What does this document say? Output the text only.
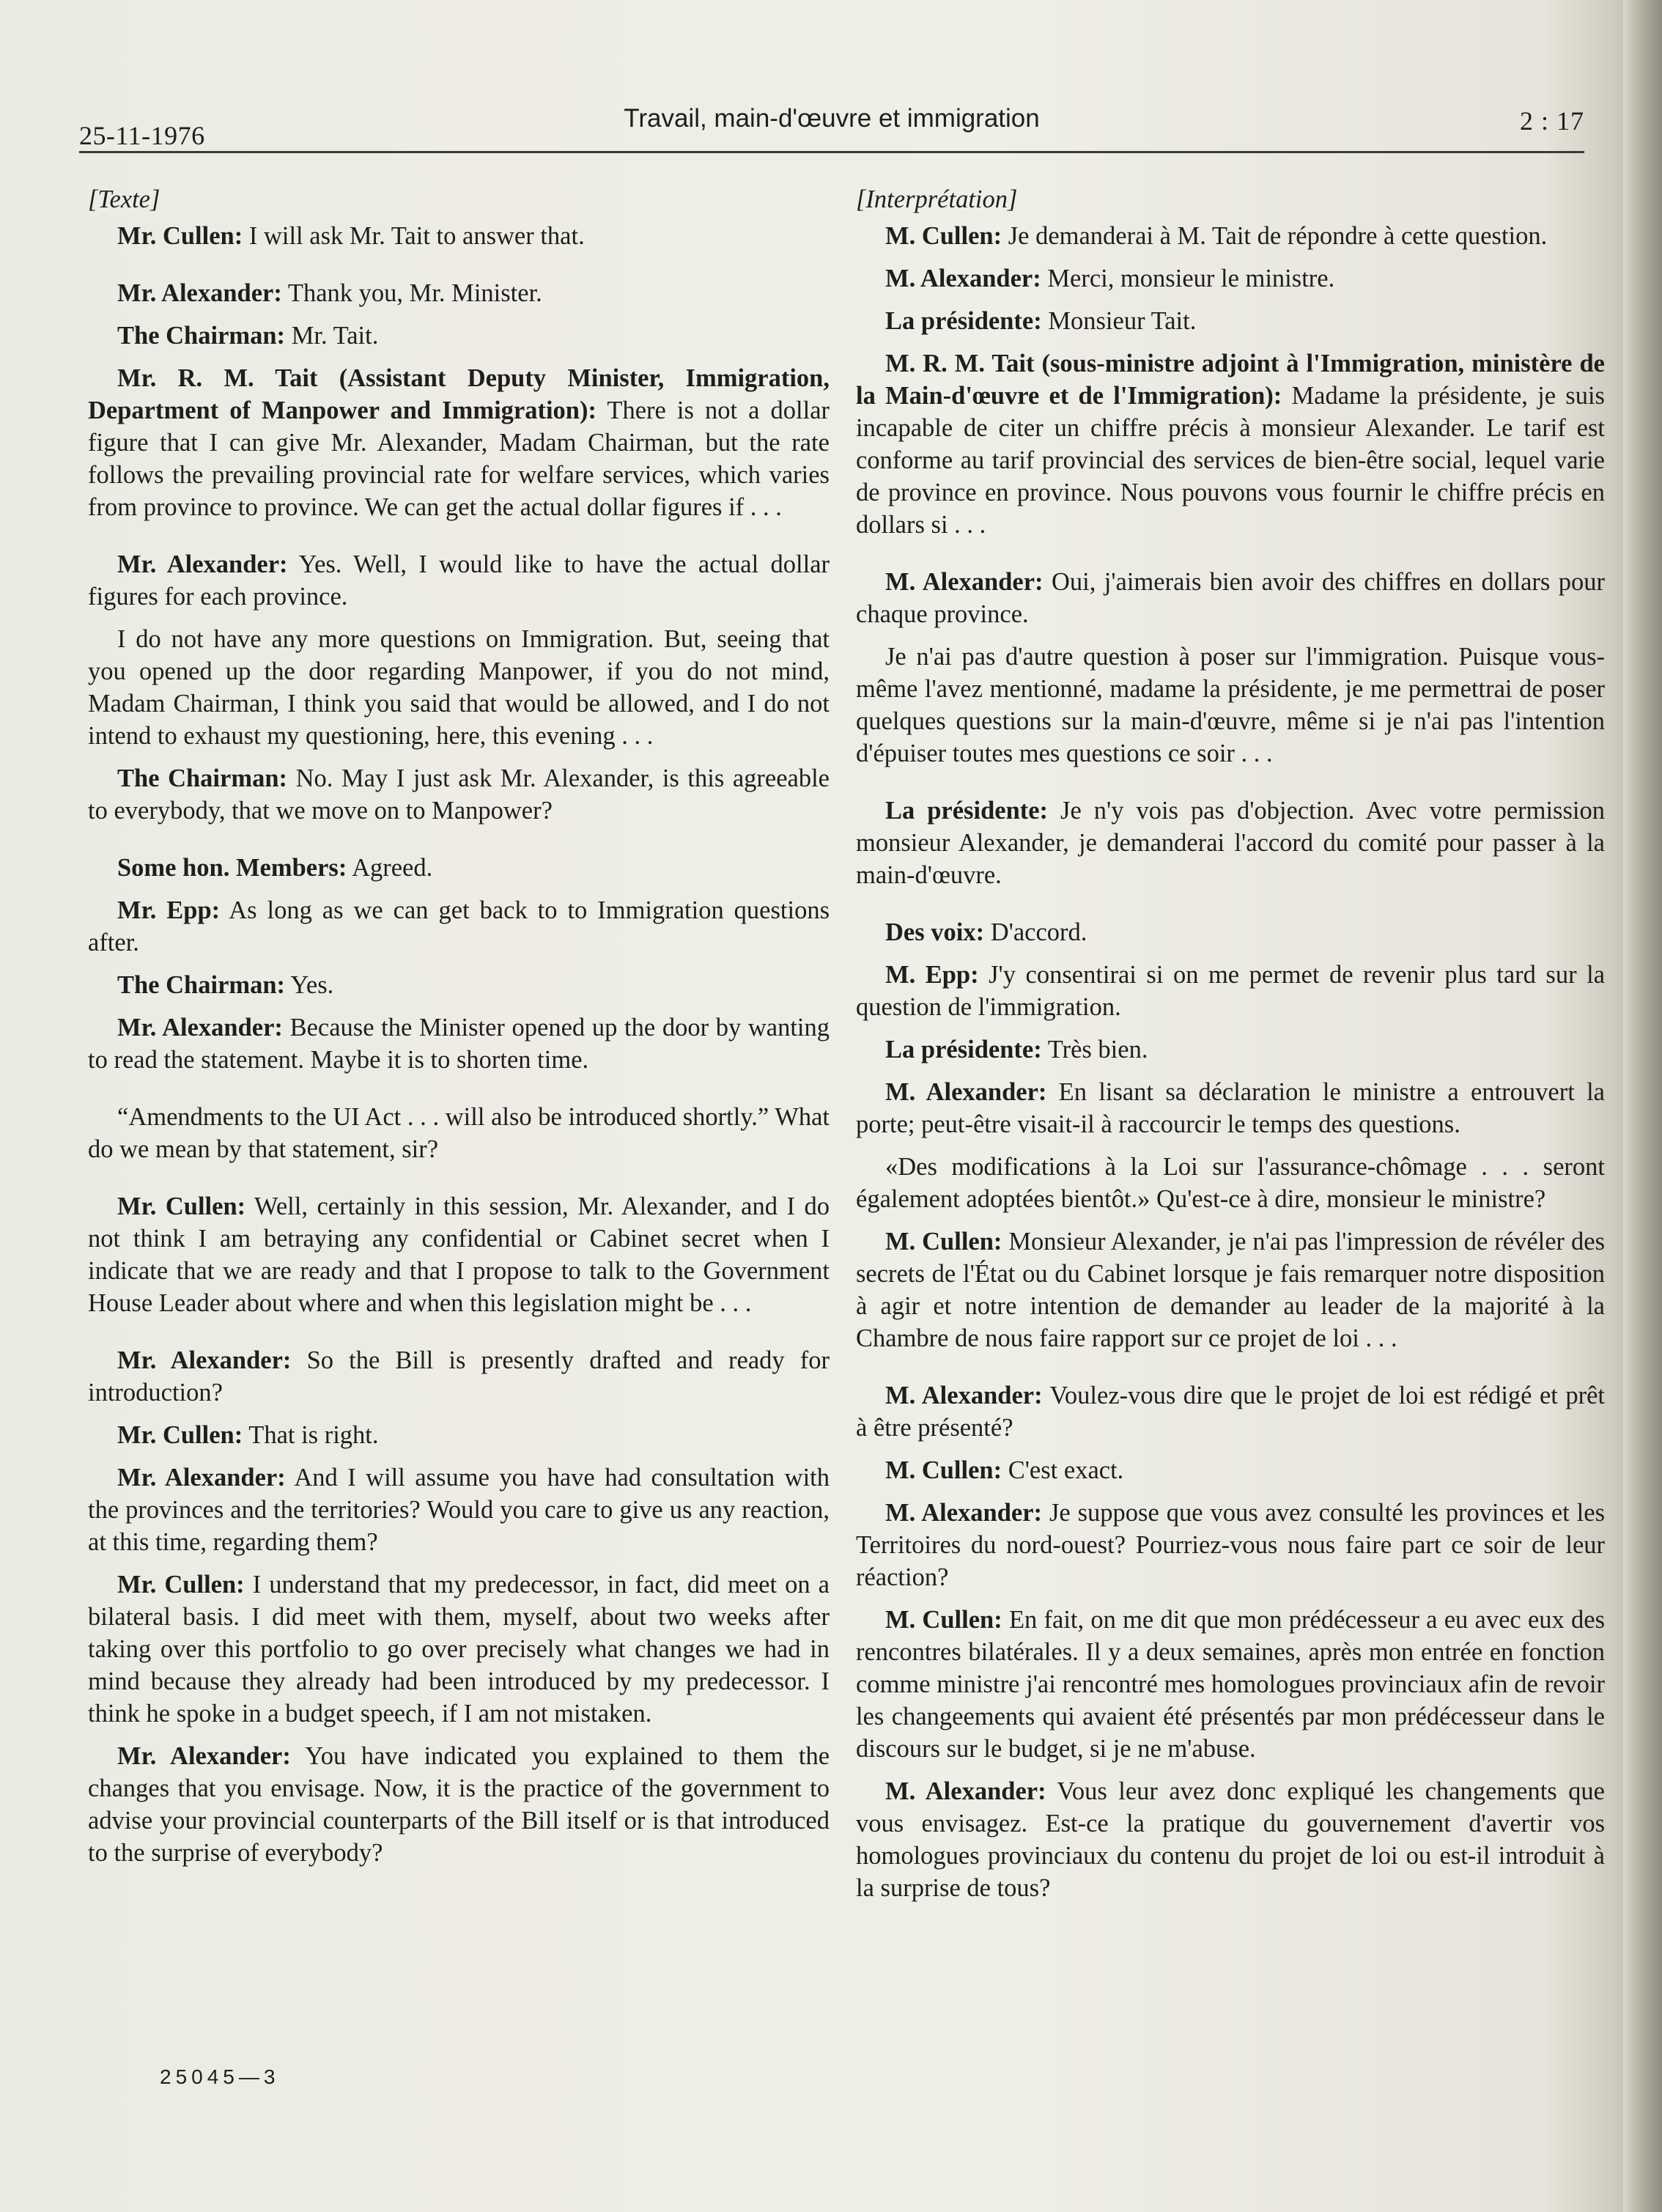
25-11-1976
Travail, main-d'œuvre et immigration	2 : 17
[Texte]

Mr. Cullen: I will ask Mr. Tait to answer that.

Mr. Alexander: Thank you, Mr. Minister.

The Chairman: Mr. Tait.

Mr. R. M. Tait (Assistant Deputy Minister, Immigration, Department of Manpower and Immigration): There is not a dollar figure that I can give Mr. Alexander, Madam Chairman, but the rate follows the prevailing provincial rate for welfare services, which varies from province to province. We can get the actual dollar figures if . . .

Mr. Alexander: Yes. Well, I would like to have the actual dollar figures for each province.

I do not have any more questions on Immigration. But, seeing that you opened up the door regarding Manpower, if you do not mind, Madam Chairman, I think you said that would be allowed, and I do not intend to exhaust my questioning, here, this evening . . .

The Chairman: No. May I just ask Mr. Alexander, is this agreeable to everybody, that we move on to Manpower?

Some hon. Members: Agreed.

Mr. Epp: As long as we can get back to to Immigration questions after.

The Chairman: Yes.

Mr. Alexander: Because the Minister opened up the door by wanting to read the statement. Maybe it is to shorten time.

“Amendments to the UI Act . . . will also be introduced shortly.” What do we mean by that statement, sir?

Mr. Cullen: Well, certainly in this session, Mr. Alexander, and I do not think I am betraying any confidential or Cabinet secret when I indicate that we are ready and that I propose to talk to the Government House Leader about where and when this legislation might be . . .

Mr. Alexander: So the Bill is presently drafted and ready for introduction?

Mr. Cullen: That is right.

Mr. Alexander: And I will assume you have had consultation with the provinces and the territories? Would you care to give us any reaction, at this time, regarding them?

Mr. Cullen: I understand that my predecessor, in fact, did meet on a bilateral basis. I did meet with them, myself, about two weeks after taking over this portfolio to go over precisely what changes we had in mind because they already had been introduced by my predecessor. I think he spoke in a budget speech, if I am not mistaken.

Mr. Alexander: You have indicated you explained to them the changes that you envisage. Now, it is the practice of the government to advise your provincial counterparts of the Bill itself or is that introduced to the surprise of everybody?

[Interprétation]

M. Cullen: Je demanderai à M. Tait de répondre à cette question.

M. Alexander: Merci, monsieur le ministre.

La présidente: Monsieur Tait.

M. R. M. Tait (sous-ministre adjoint à l'Immigration, ministère de la Main-d'œuvre et de l'Immigration): Madame la présidente, je suis incapable de citer un chiffre précis à monsieur Alexander. Le tarif est conforme au tarif provincial des services de bien-être social, lequel varie de province en province. Nous pouvons vous fournir le chiffre précis en dollars si . . .

M. Alexander: Oui, j'aimerais bien avoir des chiffres en dollars pour chaque province.

Je n'ai pas d'autre question à poser sur l'immigration. Puisque vous-même l'avez mentionné, madame la présidente, je me permettrai de poser quelques questions sur la main-d'œuvre, même si je n'ai pas l'intention d'épuiser toutes mes questions ce soir . . .

La présidente: Je n'y vois pas d'objection. Avec votre permission monsieur Alexander, je demanderai l'accord du comité pour passer à la main-d'œuvre.

Des voix: D'accord.

M. Epp: J'y consentirai si on me permet de revenir plus tard sur la question de l'immigration.

La présidente: Très bien.

M. Alexander: En lisant sa déclaration le ministre a entrouvert la porte; peut-être visait-il à raccourcir le temps des questions.

«Des modifications à la Loi sur l'assurance-chômage . . . seront également adoptées bientôt.» Qu'est-ce à dire, monsieur le ministre?

M. Cullen: Monsieur Alexander, je n'ai pas l'impression de révéler des secrets de l'État ou du Cabinet lorsque je fais remarquer notre disposition à agir et notre intention de demander au leader de la majorité à la Chambre de nous faire rapport sur ce projet de loi . . .

M. Alexander: Voulez-vous dire que le projet de loi est rédigé et prêt à être présenté?

M. Cullen: C'est exact.

M. Alexander: Je suppose que vous avez consulté les provinces et les Territoires du nord-ouest? Pourriez-vous nous faire part ce soir de leur réaction?

M. Cullen: En fait, on me dit que mon prédécesseur a eu avec eux des rencontres bilatérales. Il y a deux semaines, après mon entrée en fonction comme ministre j'ai rencontré mes homologues provinciaux afin de revoir les changeements qui avaient été présentés par mon prédécesseur dans le discours sur le budget, si je ne m'abuse.

M. Alexander: Vous leur avez donc expliqué les changements que vous envisagez. Est-ce la pratique du gouvernement d'avertir vos homologues provinciaux du contenu du projet de loi ou est-il introduit à la surprise de tous?

25045—3
